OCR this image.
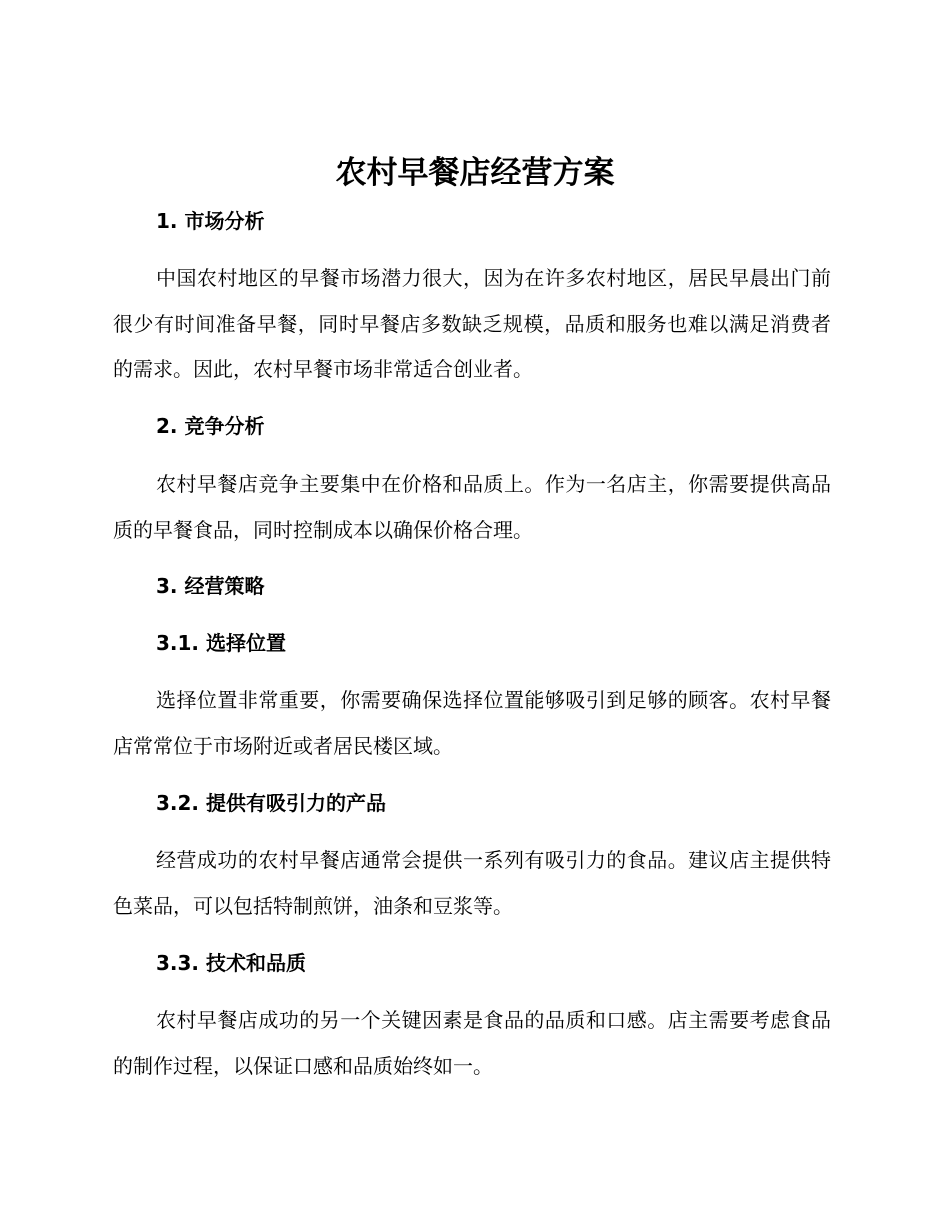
农村早餐店经营方案
1. 市场分析

中国农村地区的早餐市场潜力很大，因为在许多农村地区，居民早晨出门前很少有时间准备早餐，同时早餐店多数缺乏规模，品质和服务也难以满足消费者的需求。因此，农村早餐市场非常适合创业者。

2. 竞争分析

农村早餐店竞争主要集中在价格和品质上。作为一名店主，你需要提供高品质的早餐食品，同时控制成本以确保价格合理。

3. 经营策略
3.1. 选择位置

选择位置非常重要，你需要确保选择位置能够吸引到足够的顾客。农村早餐店常常位于市场附近或者居民楼区域。

3.2. 提供有吸引力的产品

经营成功的农村早餐店通常会提供一系列有吸引力的食品。建议店主提供特色菜品，可以包括特制煎饼，油条和豆浆等。

3.3. 技术和品质

农村早餐店成功的另一个关键因素是食品的品质和口感。店主需要考虑食品的制作过程，以保证口感和品质始终如一。
